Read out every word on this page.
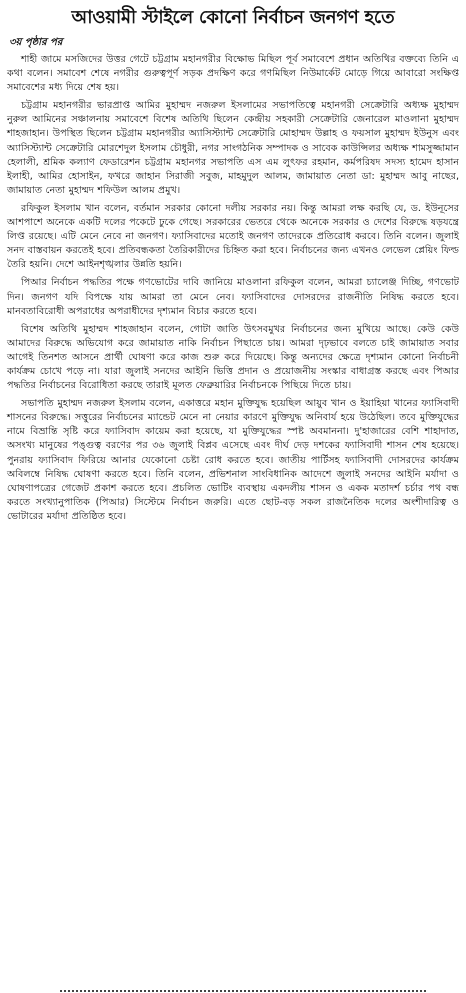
আওয়ামী স্টাইলে কোনো নির্বাচন জনগণ হতে
৩য় পৃষ্ঠার পর

শাহী জামে মসজিদের উত্তর গেটে চট্টগ্রাম মহানগরীর বিক্ষোভ মিছিল পূর্ব সমাবেশে প্রধান অতিথির বক্তব্যে তিনি এ কথা বলেন। সমাবেশ শেষে নগরীর গুরুত্বপূর্ণ সড়ক প্রদক্ষিণ করে গণমিছিল নিউমার্কেট মোড়ে গিয়ে আবারো সংক্ষিপ্ত সমাবেশের মধ্য দিয়ে শেষ হয়।

চট্টগ্রাম মহানগরীর ভারপ্রাপ্ত আমির মুহাম্মদ নজরুল ইসলামের সভাপতিত্বে মহানগরী সেক্রেটারি অধ্যক্ষ মুহাম্মদ নুরুল আমিনের সঞ্চালনায় সমাবেশে বিশেষ অতিথি ছিলেন কেন্দ্রীয় সহকারী সেক্রেটারি জেনারেল মাওলানা মুহাম্মদ শাহজাহান। উপস্থিত ছিলেন চট্টগ্রাম মহানগরীর অ্যাসিস্ট্যান্ট সেক্রেটারি মোহাম্মদ উল্লাহ ও ফয়সাল মুহাম্মদ ইউনুস এবং অ্যাসিস্ট্যান্ট সেক্রেটারি মোরশেদুল ইসলাম চৌধুরী, নগর সাংগঠনিক সম্পাদক ও সাবেক কাউন্সিলর অধ্যক্ষ শামসুজ্জামান হেলালী, শ্রমিক কল্যাণ ফেডারেশন চট্টগ্রাম মহানগর সভাপতি এস এম লুৎফর রহমান, কর্মপরিষদ সদস্য হামেদ হাসান ইলাহী, আমির হোসাইন, ফখরে জাহান সিরাজী সবুজ, মাহমুদুল আলম, জামায়াত নেতা ডা: মুহাম্মদ আবু নাছের, জামায়াত নেতা মুহাম্মদ শফিউল আলম প্রমুখ।

রফিকুল ইসলাম খান বলেন, বর্তমান সরকার কোনো দলীয় সরকার নয়। কিন্তু আমরা লক্ষ করছি যে, ড. ইউনূসের আশপাশে অনেকে একটি দলের পকেটে ঢুকে গেছে। সরকারের ভেতরে থেকে অনেকে সরকার ও দেশের বিরুদ্ধে ষড়যন্ত্রে লিপ্ত রয়েছে। এটি মেনে নেবে না জনগণ। ফ্যাসিবাদের মতোই জনগণ তাদেরকে প্রতিরোধ করবে। তিনি বলেন। জুলাই সনদ বাস্তবায়ন করতেই হবে। প্রতিবন্ধকতা তৈরিকারীদের চিহ্নিত করা হবে। নির্বাচনের জন্য এখনও লেভেল প্লেয়িং ফিল্ড তৈরি হয়নি। দেশে আইনশৃঙ্খলার উন্নতি হয়নি।

পিআর নির্বাচন পদ্ধতির পক্ষে গণভোটের দাবি জানিয়ে মাওলানা রফিকুল বলেন, আমরা চ্যালেঞ্জ দিচ্ছি, গণভোট দিন। জনগণ যদি বিপক্ষে যায় আমরা তা মেনে নেব। ফ্যাসিবাদের দোসরদের রাজনীতি নিষিদ্ধ করতে হবে। মানবতাবিরোধী অপরাধের অপরাধীদের দৃশ্যমান বিচার করতে হবে।

বিশেষ অতিথি মুহাম্মদ শাহজাহান বলেন, গোটা জাতি উৎসবমুখর নির্বাচনের জন্য মুখিয়ে আছে। কেউ কেউ আমাদের বিরুদ্ধে অভিযোগ করে জামায়াত নাকি নির্বাচন পিছাতে চায়। আমরা দৃঢ়ভাবে বলতে চাই জামায়াত সবার আগেই তিনশত আসনে প্রার্থী ঘোষণা করে কাজ শুরু করে দিয়েছে। কিন্তু অন্যদের ক্ষেত্রে দৃশ্যমান কোনো নির্বাচনী কার্যক্রম চোখে পড়ে না। যারা জুলাই সনদের আইনি ভিত্তি প্রদান ও প্রয়োজনীয় সংস্কার বাধাগ্রস্ত করছে এবং পিআর পদ্ধতির নির্বাচনের বিরোধিতা করছে তারাই মূলত ফেব্রুয়ারির নির্বাচনকে পিছিয়ে দিতে চায়।

সভাপতি মুহাম্মদ নজরুল ইসলাম বলেন, একাত্তরে মহান মুক্তিযুদ্ধ হয়েছিল আয়ুব খান ও ইয়াহিয়া খানের ফ্যাসিবাদী শাসনের বিরুদ্ধে। সত্তুরের নির্বাচনের ম্যান্ডেট মেনে না নেয়ার কারণে মুক্তিযুদ্ধ অনিবার্য হয়ে উঠেছিল। তবে মুক্তিযুদ্ধের নামে বিভ্রান্তি সৃষ্টি করে ফ্যাসিবাদ কায়েম করা হয়েছে, যা মুক্তিযুদ্ধের স্পষ্ট অবমাননা। দু'হাজারের বেশি শাহাদাত, অসংখ্য মানুষের পঙ্গুত্ব বরণের পর ৩৬ জুলাই বিপ্লব এসেছে এবং দীর্ঘ দেড় দশকের ফ্যাসিবাদী শাসন শেষ হয়েছে। পুনরায় ফ্যাসিবাদ ফিরিয়ে আনার যেকোনো চেষ্টা রোধ করতে হবে। জাতীয় পার্টিসহ ফ্যাসিবাদী দোসরদের কার্যক্রম অবিলম্বে নিষিদ্ধ ঘোষণা করতে হবে। তিনি বলেন, প্রভিশনাল সাংবিধানিক আদেশে জুলাই সনদের আইনি মর্যাদা ও ঘোষণাপত্রের গেজেট প্রকাশ করতে হবে। প্রচলিত ভোটিং ব্যবস্থায় একদলীয় শাসন ও একক মতাদর্শ চর্চার পথ বন্ধ করতে সংখ্যানুপাতিক (পিআর) সিস্টেমে নির্বাচন জরুরি। এতে ছোট-বড় সকল রাজনৈতিক দলের অংশীদারিত্ব ও ভোটারের মর্যাদা প্রতিষ্ঠিত হবে।
